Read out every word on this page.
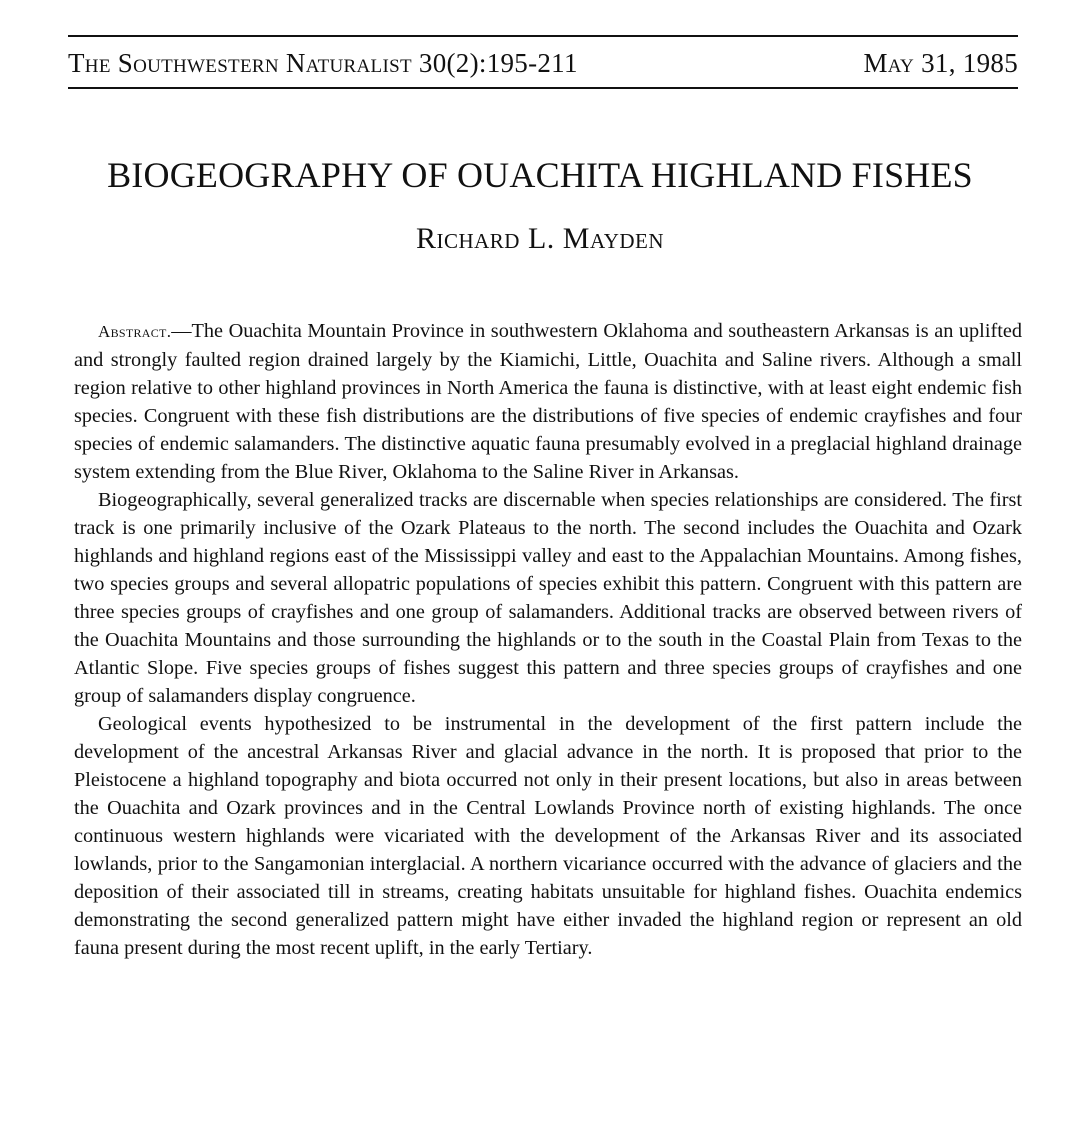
The Southwestern Naturalist 30(2):195-211	May 31, 1985
BIOGEOGRAPHY OF OUACHITA HIGHLAND FISHES
Richard L. Mayden

Abstract.—The Ouachita Mountain Province in southwestern Oklahoma and southeastern Arkansas is an uplifted and strongly faulted region drained largely by the Kiamichi, Little, Ouachita and Saline rivers. Although a small region relative to other highland provinces in North America the fauna is distinctive, with at least eight endemic fish species. Congruent with these fish distributions are the distributions of five species of endemic crayfishes and four species of endemic salamanders. The distinctive aquatic fauna presumably evolved in a preglacial highland drainage system extending from the Blue River, Oklahoma to the Saline River in Arkansas.

Biogeographically, several generalized tracks are discernable when species relationships are considered. The first track is one primarily inclusive of the Ozark Plateaus to the north. The second includes the Ouachita and Ozark highlands and highland regions east of the Mississippi valley and east to the Appalachian Mountains. Among fishes, two species groups and several allopatric populations of species exhibit this pattern. Congruent with this pattern are three species groups of crayfishes and one group of salamanders. Additional tracks are observed between rivers of the Ouachita Mountains and those surrounding the highlands or to the south in the Coastal Plain from Texas to the Atlantic Slope. Five species groups of fishes suggest this pattern and three species groups of crayfishes and one group of salamanders display congruence.

Geological events hypothesized to be instrumental in the development of the first pattern include the development of the ancestral Arkansas River and glacial advance in the north. It is proposed that prior to the Pleistocene a highland topography and biota occurred not only in their present locations, but also in areas between the Ouachita and Ozark provinces and in the Central Lowlands Province north of existing highlands. The once continuous western highlands were vicariated with the development of the Arkansas River and its associated lowlands, prior to the Sangamonian interglacial. A northern vicariance occurred with the advance of glaciers and the deposition of their associated till in streams, creating habitats unsuitable for highland fishes. Ouachita endemics demonstrating the second generalized pattern might have either invaded the highland region or represent an old fauna present during the most recent uplift, in the early Tertiary.
